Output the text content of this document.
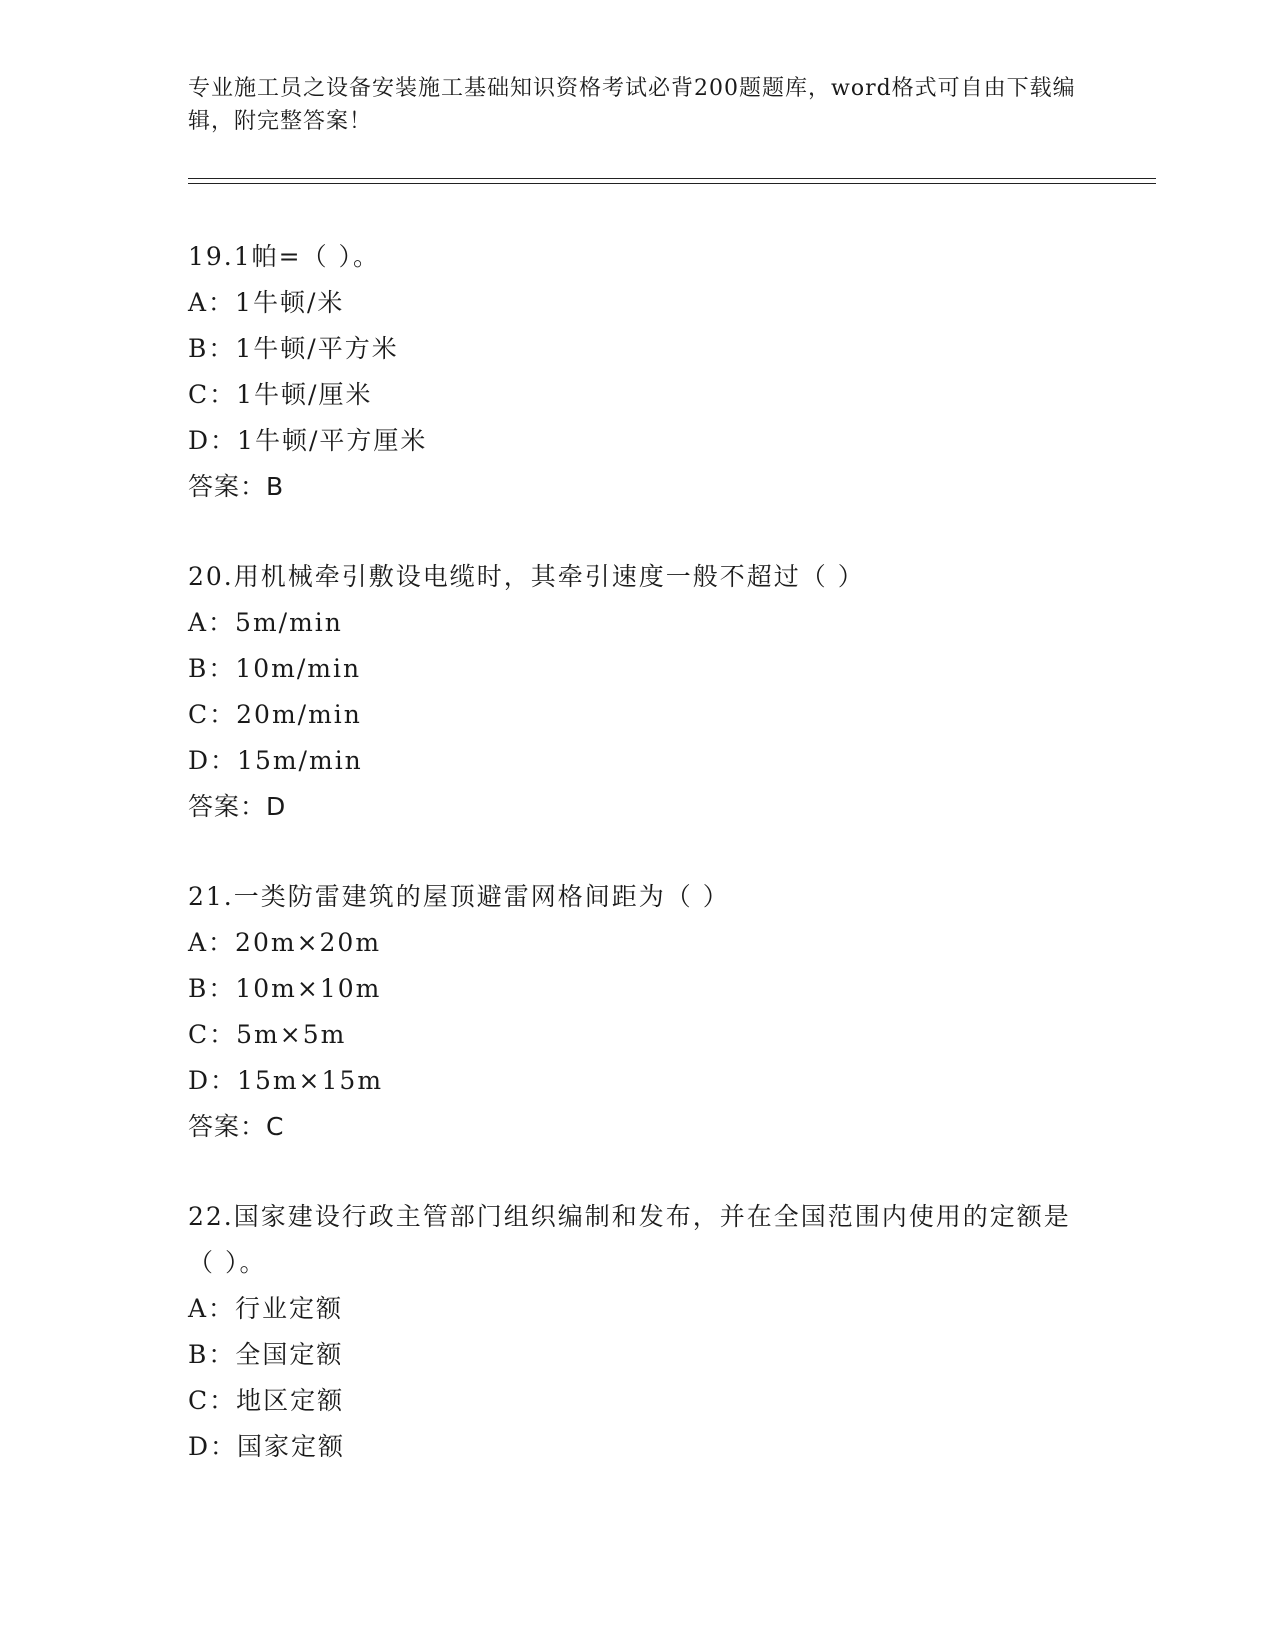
专业施工员之设备安装施工基础知识资格考试必背200题题库，word格式可自由下载编辑，附完整答案！
19.1帕=（ ）。
A：1牛顿/米
B：1牛顿/平方米
C：1牛顿/厘米
D：1牛顿/平方厘米
答案：B
20.用机械牵引敷设电缆时，其牵引速度一般不超过（ ）
A：5m/min
B：10m/min
C：20m/min
D：15m/min
答案：D
21.一类防雷建筑的屋顶避雷网格间距为（ ）
A：20m×20m
B：10m×10m
C：5m×5m
D：15m×15m
答案：C
22.国家建设行政主管部门组织编制和发布，并在全国范围内使用的定额是（ ）。
A：行业定额
B：全国定额
C：地区定额
D：国家定额
